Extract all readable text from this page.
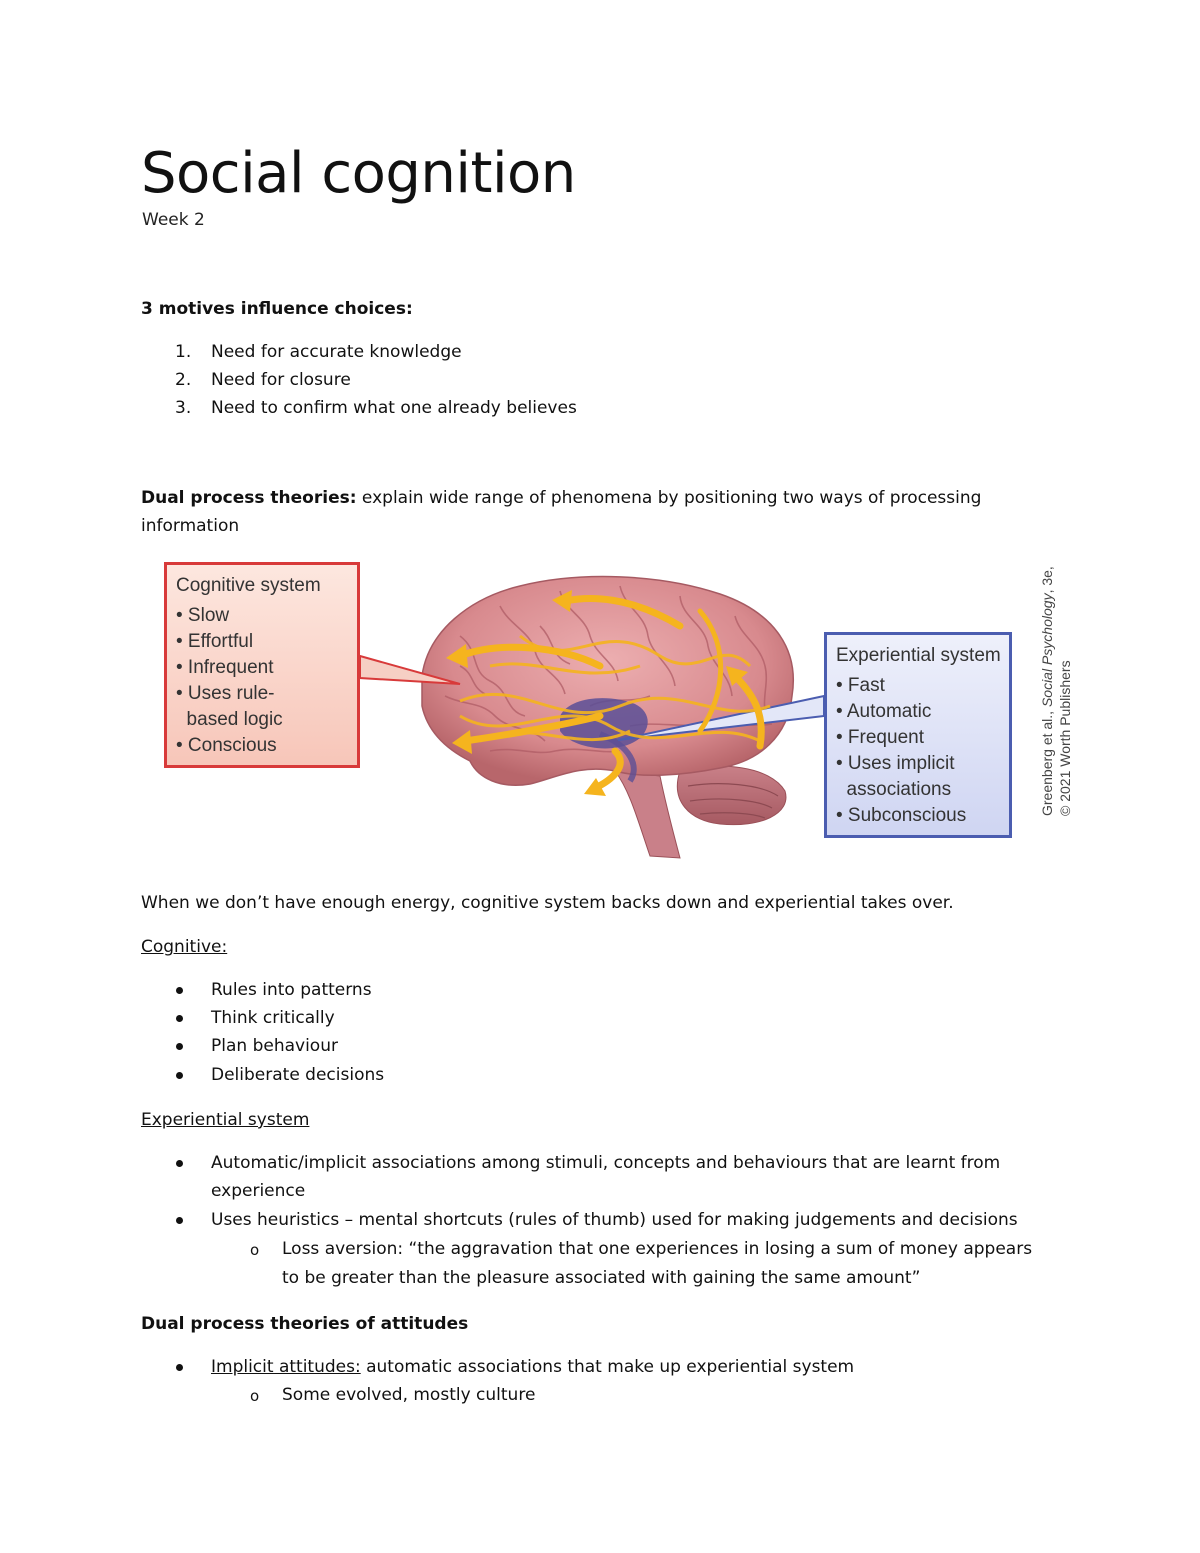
Social cognition
Week 2
3 motives influence choices:
1. Need for accurate knowledge
2. Need for closure
3. Need to confirm what one already believes
Dual process theories: explain wide range of phenomena by positioning two ways of processing
information
Cognitive system
• Slow
• Effortful
• Infrequent
• Uses rule-
based logic
• Conscious
Experiential system
• Fast
• Automatic
• Frequent
• Uses implicit
associations
• Subconscious	Greenberg et al., Social Psychology, 3e,
© 2021 Worth Publishers
When we don’t have enough energy, cognitive system backs down and experiential takes over.
Cognitive:
Rules into patterns
Think critically
Plan behaviour
Deliberate decisions
Experiential system
Automatic/implicit associations among stimuli, concepts and behaviours that are learnt from
experience
Uses heuristics – mental shortcuts (rules of thumb) used for making judgements and decisions
o Loss aversion: “the aggravation that one experiences in losing a sum of money appears
to be greater than the pleasure associated with gaining the same amount”
Dual process theories of attitudes
Implicit attitudes: automatic associations that make up experiential system
o Some evolved, mostly culture
